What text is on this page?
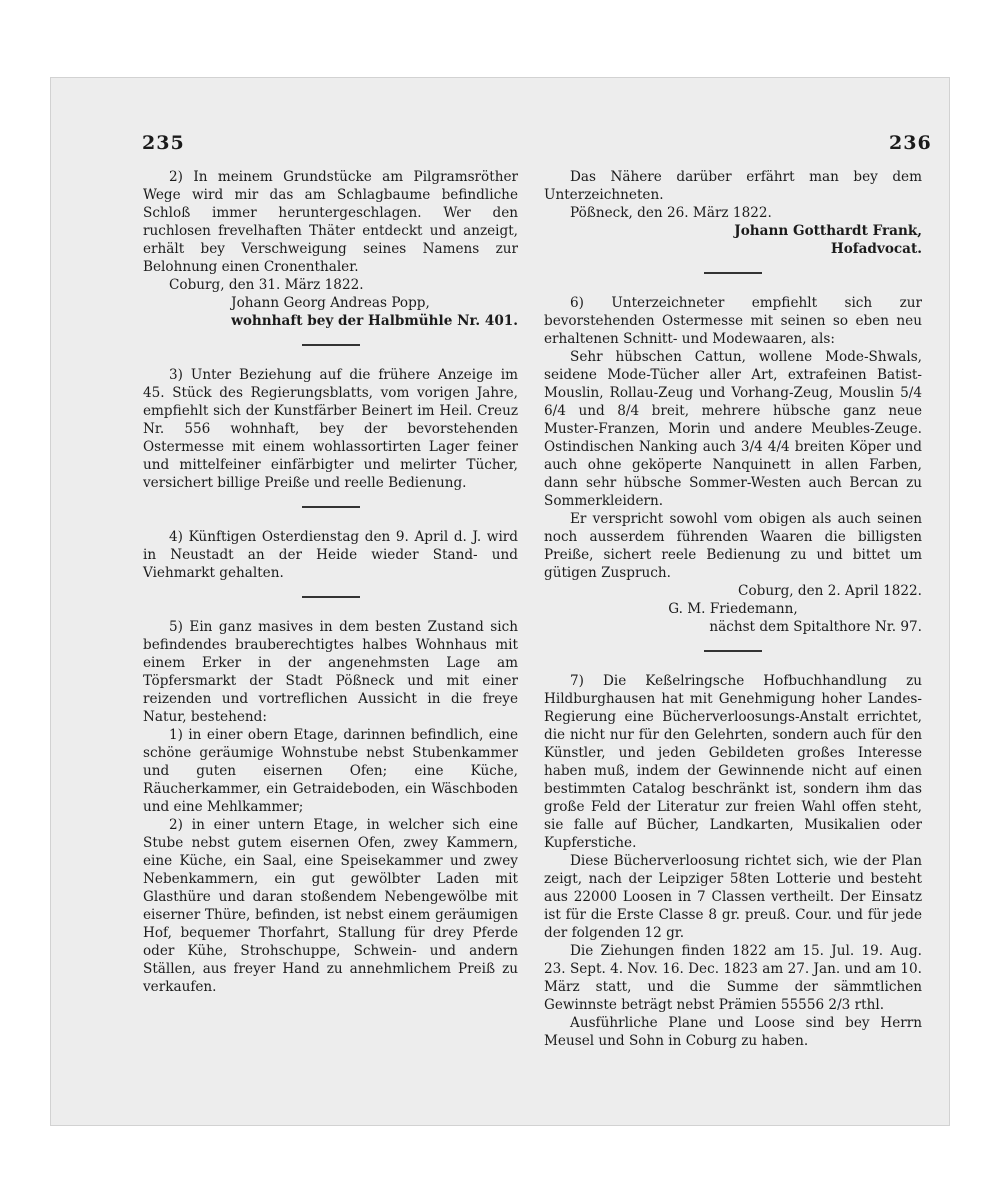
235	236

2) In meinem Grundstücke am Pilgramsröther Wege wird mir das am Schlagbaume befindliche Schloß immer heruntergeschlagen. Wer den ruchlosen frevelhaften Thäter entdeckt und anzeigt, erhält bey Verschweigung seines Namens zur Belohnung einen Cronenthaler.

Coburg, den 31. März 1822.

Johann Georg Andreas Popp,

wohnhaft bey der Halbmühle Nr. 401.

3) Unter Beziehung auf die frühere Anzeige im 45. Stück des Regierungsblatts, vom vorigen Jahre, empfiehlt sich der Kunstfärber Beinert im Heil. Creuz Nr. 556 wohnhaft, bey der bevorstehenden Ostermesse mit einem wohlassortirten Lager feiner und mittelfeiner einfärbigter und melirter Tücher, versichert billige Preiße und reelle Bedienung.

4) Künftigen Osterdienstag den 9. April d. J. wird in Neustadt an der Heide wieder Stand- und Viehmarkt gehalten.

5) Ein ganz masives in dem besten Zustand sich befindendes brauberechtigtes halbes Wohnhaus mit einem Erker in der angenehmsten Lage am Töpfersmarkt der Stadt Pößneck und mit einer reizenden und vortreflichen Aussicht in die freye Natur, bestehend:

1) in einer obern Etage, darinnen befindlich, eine schöne geräumige Wohnstube nebst Stubenkammer und guten eisernen Ofen; eine Küche, Räucherkammer, ein Getraideboden, ein Wäschboden und eine Mehlkammer;

2) in einer untern Etage, in welcher sich eine Stube nebst gutem eisernen Ofen, zwey Kammern, eine Küche, ein Saal, eine Speisekammer und zwey Nebenkammern, ein gut gewölbter Laden mit Glasthüre und daran stoßendem Nebengewölbe mit eiserner Thüre, befinden, ist nebst einem geräumigen Hof, bequemer Thorfahrt, Stallung für drey Pferde oder Kühe, Strohschuppe, Schwein- und andern Ställen, aus freyer Hand zu annehmlichem Preiß zu verkaufen.

Das Nähere darüber erfährt man bey dem Unterzeichneten.

Pößneck, den 26. März 1822.

Johann Gotthardt Frank,

Hofadvocat.

6) Unterzeichneter empfiehlt sich zur bevorstehenden Ostermesse mit seinen so eben neu erhaltenen Schnitt- und Modewaaren, als:

Sehr hübschen Cattun, wollene Mode-Shwals, seidene Mode-Tücher aller Art, extrafeinen Batist-Mouslin, Rollau-Zeug und Vorhang-Zeug, Mouslin 5/4 6/4 und 8/4 breit, mehrere hübsche ganz neue Muster-Franzen, Morin und andere Meubles-Zeuge. Ostindischen Nanking auch 3/4 4/4 breiten Köper und auch ohne geköperte Nanquinett in allen Farben, dann sehr hübsche Sommer-Westen auch Bercan zu Sommerkleidern.

Er verspricht sowohl vom obigen als auch seinen noch ausserdem führenden Waaren die billigsten Preiße, sichert reele Bedienung zu und bittet um gütigen Zuspruch.

Coburg, den 2. April 1822.

G. M. Friedemann,

nächst dem Spitalthore Nr. 97.

7) Die Keßelringsche Hofbuchhandlung zu Hildburghausen hat mit Genehmigung hoher Landes-Regierung eine Bücherverloosungs-Anstalt errichtet, die nicht nur für den Gelehrten, sondern auch für den Künstler, und jeden Gebildeten großes Interesse haben muß, indem der Gewinnende nicht auf einen bestimmten Catalog beschränkt ist, sondern ihm das große Feld der Literatur zur freien Wahl offen steht, sie falle auf Bücher, Landkarten, Musikalien oder Kupferstiche.

Diese Bücherverloosung richtet sich, wie der Plan zeigt, nach der Leipziger 58ten Lotterie und besteht aus 22000 Loosen in 7 Classen vertheilt. Der Einsatz ist für die Erste Classe 8 gr. preuß. Cour. und für jede der folgenden 12 gr.

Die Ziehungen finden 1822 am 15. Jul. 19. Aug. 23. Sept. 4. Nov. 16. Dec. 1823 am 27. Jan. und am 10. März statt, und die Summe der sämmtlichen Gewinnste beträgt nebst Prämien 55556 2/3 rthl.

Ausführliche Plane und Loose sind bey Herrn Meusel und Sohn in Coburg zu haben.
